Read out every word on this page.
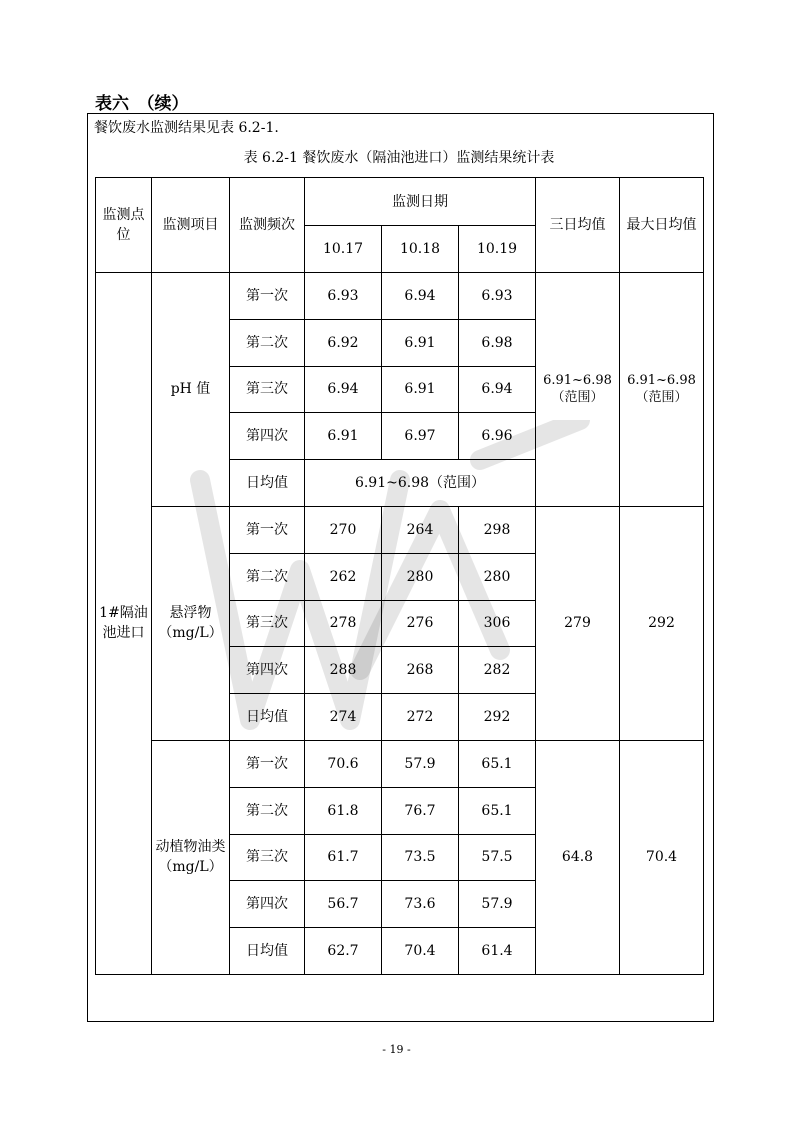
表六　（续）
餐饮废水监测结果见表 6.2-1.
表 6.2-1 餐饮废水（隔油池进口）监测结果统计表
监测点位	监测项目	监测频次	监测日期			三日均值	最大日均值
			10.17	10.18	10.19		
1#隔油池进口	pH 值	第一次	6.93	6.94	6.93	6.91~6.98（范围）	6.91~6.98（范围）
		第二次	6.92	6.91	6.98		
		第三次	6.94	6.91	6.94		
		第四次	6.91	6.97	6.96		
		日均值	6.91~6.98（范围）				
	悬浮物（mg/L）	第一次	270	264	298	279	292
		第二次	262	280	280		
		第三次	278	276	306		
		第四次	288	268	282		
		日均值	274	272	292		
	动植物油类（mg/L）	第一次	70.6	57.9	65.1	64.8	70.4
		第二次	61.8	76.7	65.1		
		第三次	61.7	73.5	57.5		
		第四次	56.7	73.6	57.9		
		日均值	62.7	70.4	61.4		
- 19 -
